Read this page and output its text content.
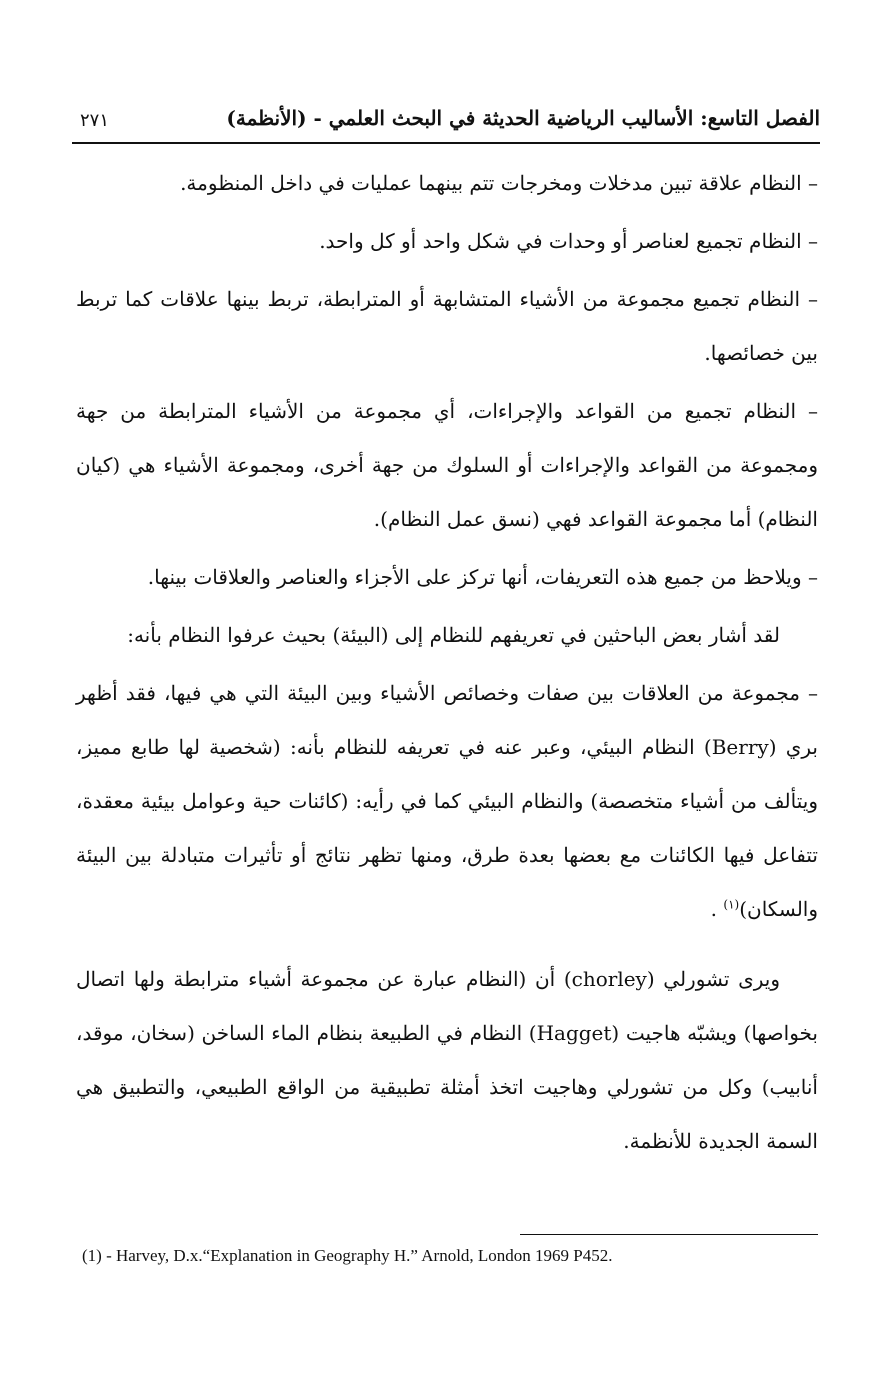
الفصل التاسع: الأساليب الرياضية الحديثة في البحث العلمي - (الأنظمة)
٢٧١

– النظام علاقة تبين مدخلات ومخرجات تتم بينهما عمليات في داخل المنظومة.

– النظام تجميع لعناصر أو وحدات في شكل واحد أو كل واحد.

– النظام تجميع مجموعة من الأشياء المتشابهة أو المترابطة، تربط بينها علاقات كما تربط بين خصائصها.

– النظام تجميع من القواعد والإجراءات، أي مجموعة من الأشياء المترابطة من جهة ومجموعة من القواعد والإجراءات أو السلوك من جهة أخرى، ومجموعة الأشياء هي (كيان النظام) أما مجموعة القواعد فهي (نسق عمل النظام).

– ويلاحظ من جميع هذه التعريفات، أنها تركز على الأجزاء والعناصر والعلاقات بينها.

لقد أشار بعض الباحثين في تعريفهم للنظام إلى (البيئة) بحيث عرفوا النظام بأنه:

– مجموعة من العلاقات بين صفات وخصائص الأشياء وبين البيئة التي هي فيها، فقد أظهر بري (Berry) النظام البيئي، وعبر عنه في تعريفه للنظام بأنه: (شخصية لها طابع مميز، ويتألف من أشياء متخصصة) والنظام البيئي كما في رأيه: (كائنات حية وعوامل بيئية معقدة، تتفاعل فيها الكائنات مع بعضها بعدة طرق، ومنها تظهر نتائج أو تأثيرات متبادلة بين البيئة والسكان)$^{(١)}$ .

ويرى تشورلي (chorley) أن (النظام عبارة عن مجموعة أشياء مترابطة ولها اتصال بخواصها) ويشبّه هاجيت (Hagget) النظام في الطبيعة بنظام الماء الساخن (سخان، موقد، أنابيب) وكل من تشورلي وهاجيت اتخذ أمثلة تطبيقية من الواقع الطبيعي، والتطبيق هي السمة الجديدة للأنظمة.

(1) - Harvey, D.x.“Explanation in Geography H.” Arnold, London 1969 P452.
